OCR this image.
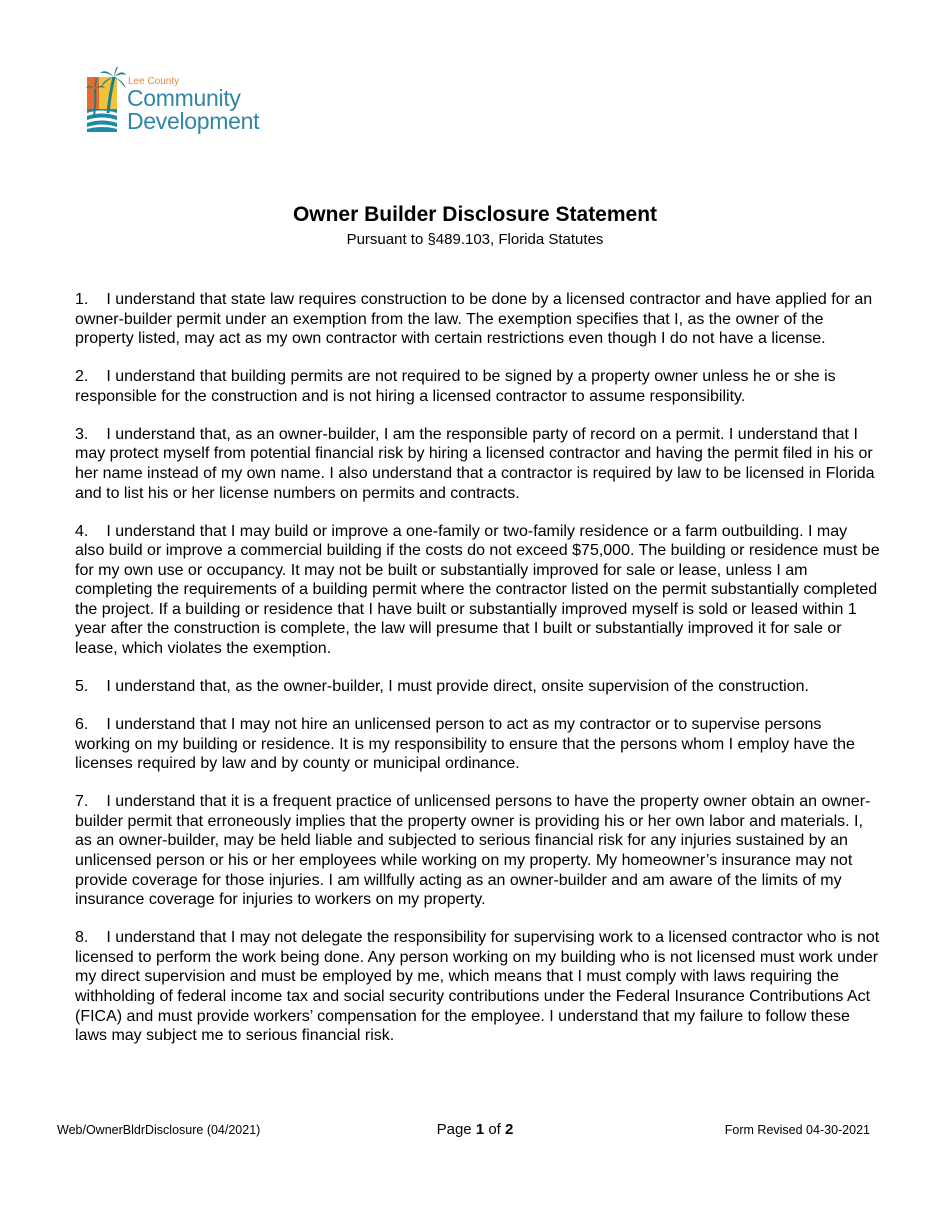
Lee County
Community
Development
Owner Builder Disclosure Statement
Pursuant to §489.103, Florida Statutes

1. I understand that state law requires construction to be done by a licensed contractor and have applied for an owner-builder permit under an exemption from the law. The exemption specifies that I, as the owner of the property listed, may act as my own contractor with certain restrictions even though I do not have a license.

2. I understand that building permits are not required to be signed by a property owner unless he or she is responsible for the construction and is not hiring a licensed contractor to assume responsibility.

3. I understand that, as an owner-builder, I am the responsible party of record on a permit. I understand that I may protect myself from potential financial risk by hiring a licensed contractor and having the permit filed in his or her name instead of my own name. I also understand that a contractor is required by law to be licensed in Florida and to list his or her license numbers on permits and contracts.

4. I understand that I may build or improve a one-family or two-family residence or a farm outbuilding. I may also build or improve a commercial building if the costs do not exceed $75,000. The building or residence must be for my own use or occupancy. It may not be built or substantially improved for sale or lease, unless I am completing the requirements of a building permit where the contractor listed on the permit substantially completed the project. If a building or residence that I have built or substantially improved myself is sold or leased within 1 year after the construction is complete, the law will presume that I built or substantially improved it for sale or lease, which violates the exemption.

5. I understand that, as the owner-builder, I must provide direct, onsite supervision of the construction.

6. I understand that I may not hire an unlicensed person to act as my contractor or to supervise persons working on my building or residence. It is my responsibility to ensure that the persons whom I employ have the licenses required by law and by county or municipal ordinance.

7. I understand that it is a frequent practice of unlicensed persons to have the property owner obtain an owner-builder permit that erroneously implies that the property owner is providing his or her own labor and materials. I, as an owner-builder, may be held liable and subjected to serious financial risk for any injuries sustained by an unlicensed person or his or her employees while working on my property. My homeowner’s insurance may not provide coverage for those injuries. I am willfully acting as an owner-builder and am aware of the limits of my insurance coverage for injuries to workers on my property.

8. I understand that I may not delegate the responsibility for supervising work to a licensed contractor who is not licensed to perform the work being done. Any person working on my building who is not licensed must work under my direct supervision and must be employed by me, which means that I must comply with laws requiring the withholding of federal income tax and social security contributions under the Federal Insurance Contributions Act (FICA) and must provide workers’ compensation for the employee. I understand that my failure to follow these laws may subject me to serious financial risk.

Web/OwnerBldrDisclosure (04/2021)	Page 1 of 2	Form Revised 04-30-2021
